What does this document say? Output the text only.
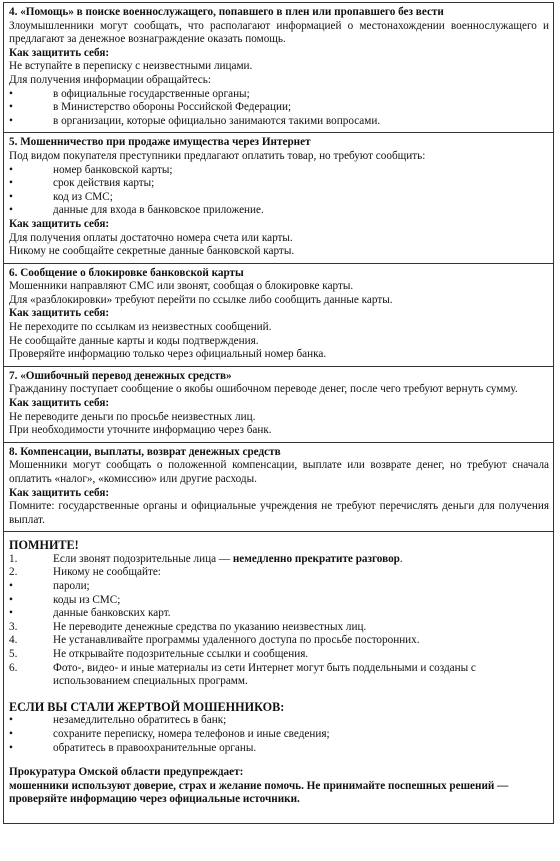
4. «Помощь» в поиске военнослужащего, попавшего в плен или пропавшего без вести
Злоумышленники могут сообщать, что располагают информацией о местонахождении военнослужащего и предлагают за денежное вознаграждение оказать помощь.
Как защитить себя:
Не вступайте в переписку с неизвестными лицами.
Для получения информации обращайтесь:
•	в официальные государственные органы;
•	в Министерство обороны Российской Федерации;
•	в организации, которые официально занимаются такими вопросами.
5. Мошенничество при продаже имущества через Интернет
Под видом покупателя преступники предлагают оплатить товар, но требуют сообщить:
•	номер банковской карты;
•	срок действия карты;
•	код из СМС;
•	данные для входа в банковское приложение.
Как защитить себя:
Для получения оплаты достаточно номера счета или карты.
Никому не сообщайте секретные данные банковской карты.
6. Сообщение о блокировке банковской карты
Мошенники направляют СМС или звонят, сообщая о блокировке карты.
Для «разблокировки» требуют перейти по ссылке либо сообщить данные карты.
Как защитить себя:
Не переходите по ссылкам из неизвестных сообщений.
Не сообщайте данные карты и коды подтверждения.
Проверяйте информацию только через официальный номер банка.
7. «Ошибочный перевод денежных средств»
Гражданину поступает сообщение о якобы ошибочном переводе денег, после чего требуют вернуть сумму.
Как защитить себя:
Не переводите деньги по просьбе неизвестных лиц.
При необходимости уточните информацию через банк.
8. Компенсации, выплаты, возврат денежных средств
Мошенники могут сообщать о положенной компенсации, выплате или возврате денег, но требуют сначала оплатить «налог», «комиссию» или другие расходы.
Как защитить себя:
Помните: государственные органы и официальные учреждения не требуют перечислять деньги для получения выплат.
ПОМНИТЕ!
1.	Если звонят подозрительные лица — немедленно прекратите разговор.
2.	Никому не сообщайте:
•	пароли;
•	коды из СМС;
•	данные банковских карт.
3.	Не переводите денежные средства по указанию неизвестных лиц.
4.	Не устанавливайте программы удаленного доступа по просьбе посторонних.
5.	Не открывайте подозрительные ссылки и сообщения.
6.	Фото-, видео- и иные материалы из сети Интернет могут быть поддельными и созданы с использованием специальных программ.
ЕСЛИ ВЫ СТАЛИ ЖЕРТВОЙ МОШЕННИКОВ:
•	незамедлительно обратитесь в банк;
•	сохраните переписку, номера телефонов и иные сведения;
•	обратитесь в правоохранительные органы.
Прокуратура Омской области предупреждает:
мошенники используют доверие, страх и желание помочь. Не принимайте поспешных решений — проверяйте информацию через официальные источники.
